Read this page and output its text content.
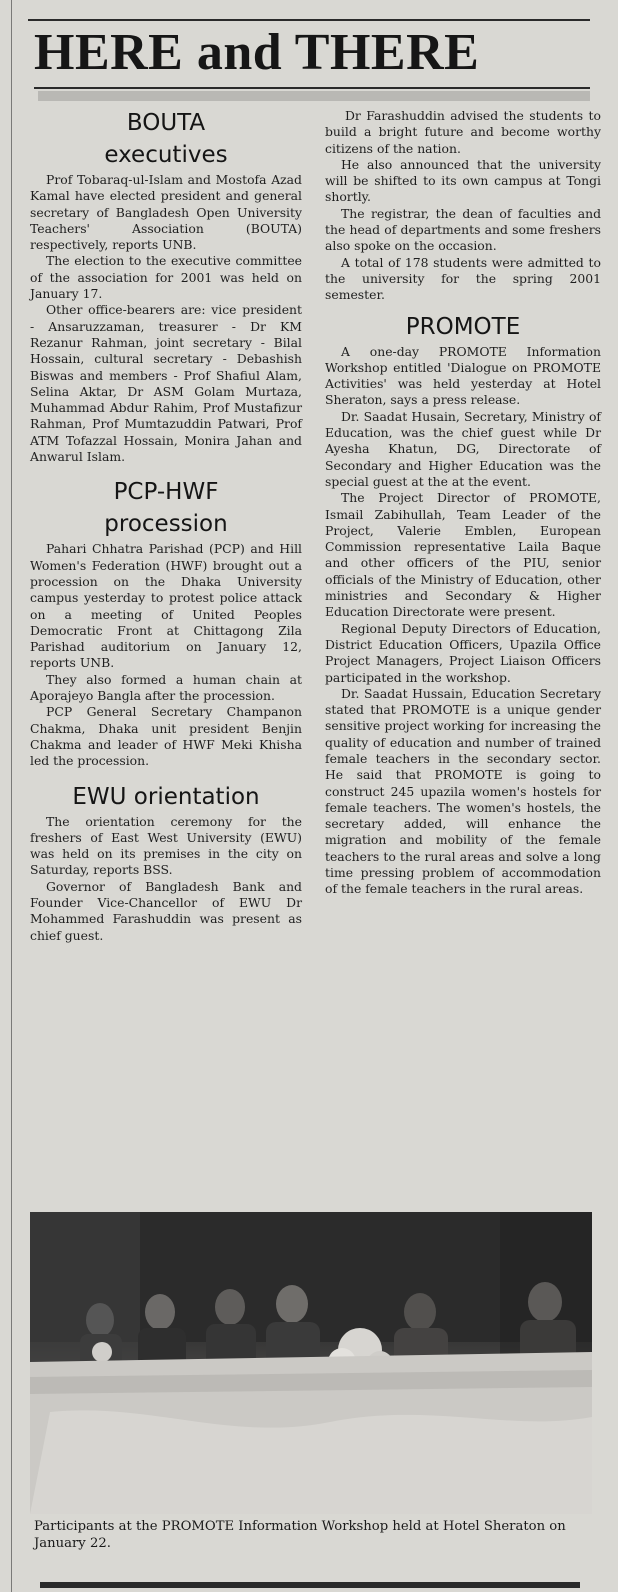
HERE and THERE
BOUTA
executives

Prof Tobaraq-ul-Islam and Mostofa Azad Kamal have elected president and general secretary of Bangladesh Open University Teachers' Association (BOUTA) respectively, reports UNB.

The election to the executive committee of the association for 2001 was held on January 17.

Other office-bearers are: vice president - Ansaruzzaman, treasurer - Dr KM Rezanur Rahman, joint secretary - Bilal Hossain, cultural secretary - Debashish Biswas and members - Prof Shafiul Alam, Selina Aktar, Dr ASM Golam Murtaza, Muhammad Abdur Rahim, Prof Mustafizur Rahman, Prof Mumtazuddin Patwari, Prof ATM Tofazzal Hossain, Monira Jahan and Anwarul Islam.

PCP-HWF
procession

Pahari Chhatra Parishad (PCP) and Hill Women's Federation (HWF) brought out a procession on the Dhaka University campus yesterday to protest police attack on a meeting of United Peoples Democratic Front at Chittagong Zila Parishad auditorium on January 12, reports UNB.

They also formed a human chain at Aporajeyo Bangla after the procession.

PCP General Secretary Champanon Chakma, Dhaka unit president Benjin Chakma and leader of HWF Meki Khisha led the procession.

EWU orientation

The orientation ceremony for the freshers of East West University (EWU) was held on its premises in the city on Saturday, reports BSS.

Governor of Bangladesh Bank and Founder Vice-Chancellor of EWU Dr Mohammed Farashuddin was present as chief guest.

Dr Farashuddin advised the students to build a bright future and become worthy citizens of the nation.

He also announced that the university will be shifted to its own campus at Tongi shortly.

The registrar, the dean of faculties and the head of departments and some freshers also spoke on the occasion.

A total of 178 students were admitted to the university for the spring 2001 semester.

PROMOTE

A one-day PROMOTE Information Workshop entitled 'Dialogue on PROMOTE Activities' was held yesterday at Hotel Sheraton, says a press release.

Dr. Saadat Husain, Secretary, Ministry of Education, was the chief guest while Dr Ayesha Khatun, DG, Directorate of Secondary and Higher Education was the special guest at the at the event.

The Project Director of PROMOTE, Ismail Zabihullah, Team Leader of the Project, Valerie Emblen, European Commission representative Laila Baque and other officers of the PIU, senior officials of the Ministry of Education, other ministries and Secondary & Higher Education Directorate were present.

Regional Deputy Directors of Education, District Education Officers, Upazila Office Project Managers, Project Liaison Officers participated in the workshop.

Dr. Saadat Hussain, Education Secretary stated that PROMOTE is a unique gender sensitive project working for increasing the quality of education and number of trained female teachers in the secondary sector. He said that PROMOTE is going to construct 245 upazila women's hostels for female teachers. The women's hostels, the secretary added, will enhance the migration and mobility of the female teachers to the rural areas and solve a long time pressing problem of accommodation of the female teachers in the rural areas.

Participants at the PROMOTE Information Workshop held at Hotel Sheraton on January 22.
